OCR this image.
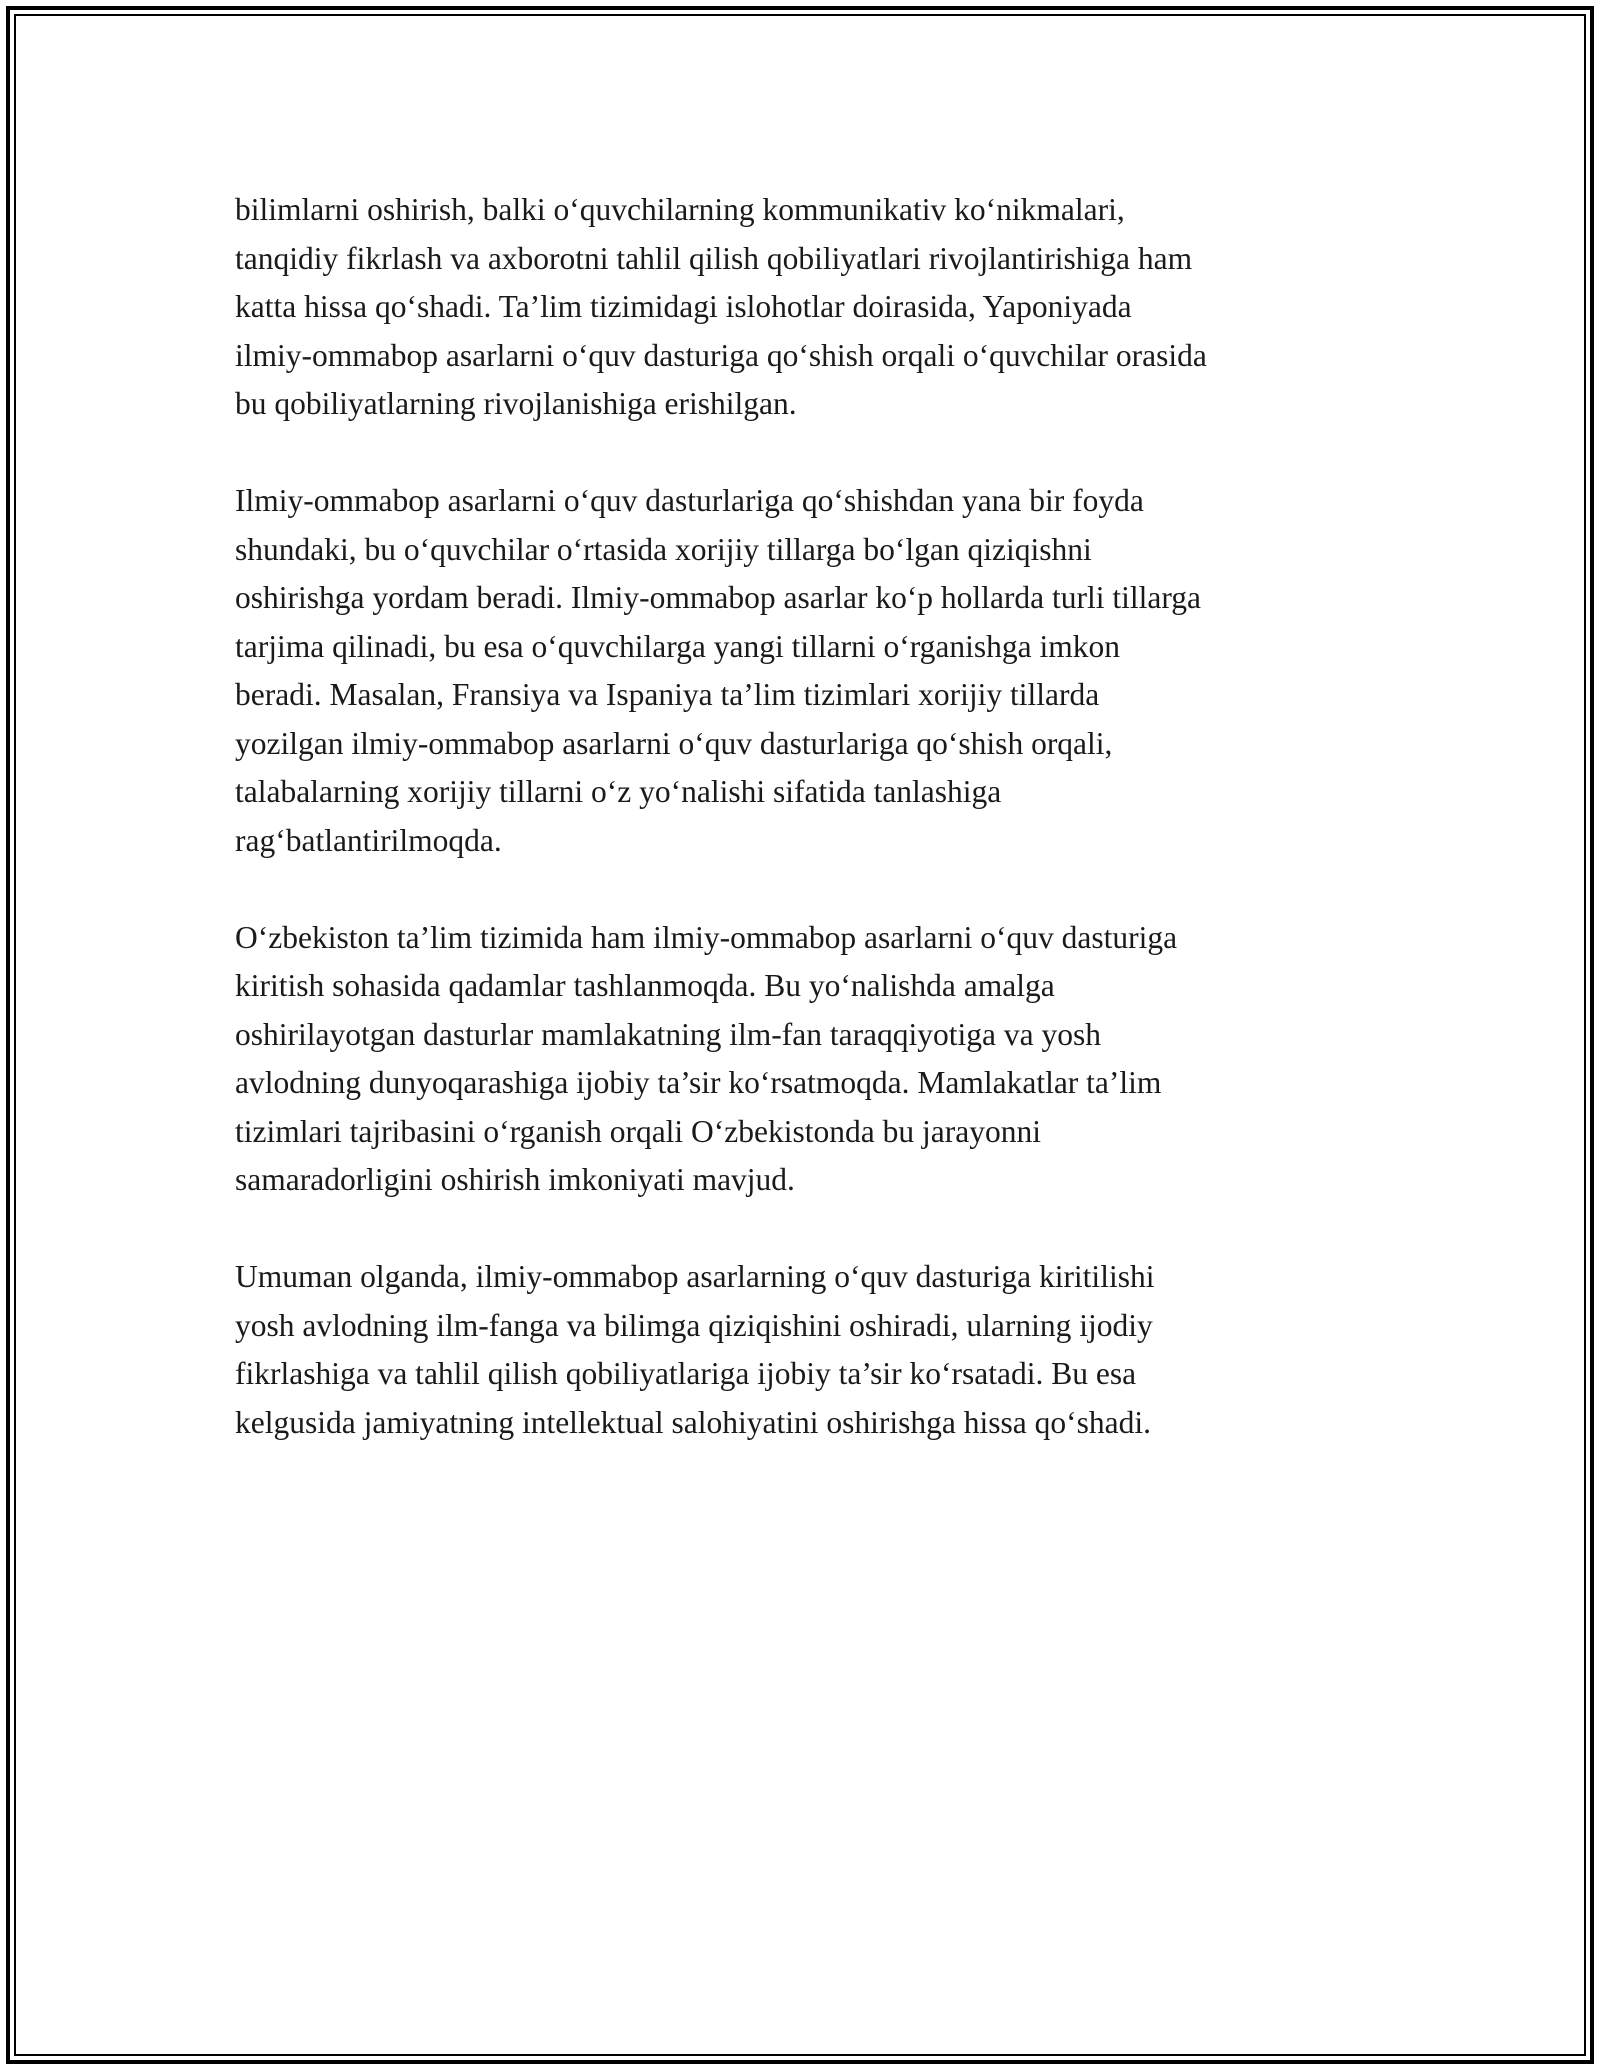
bilimlarni oshirish, balki o‘quvchilarning kommunikativ ko‘nikmalari,
tanqidiy fikrlash va axborotni tahlil qilish qobiliyatlari rivojlantirishiga ham
katta hissa qo‘shadi. Ta’lim tizimidagi islohotlar doirasida, Yaponiyada
ilmiy-ommabop asarlarni o‘quv dasturiga qo‘shish orqali o‘quvchilar orasida
bu qobiliyatlarning rivojlanishiga erishilgan.
Ilmiy-ommabop asarlarni o‘quv dasturlariga qo‘shishdan yana bir foyda
shundaki, bu o‘quvchilar o‘rtasida xorijiy tillarga bo‘lgan qiziqishni
oshirishga yordam beradi. Ilmiy-ommabop asarlar ko‘p hollarda turli tillarga
tarjima qilinadi, bu esa o‘quvchilarga yangi tillarni o‘rganishga imkon
beradi. Masalan, Fransiya va Ispaniya ta’lim tizimlari xorijiy tillarda
yozilgan ilmiy-ommabop asarlarni o‘quv dasturlariga qo‘shish orqali,
talabalarning xorijiy tillarni o‘z yo‘nalishi sifatida tanlashiga
rag‘batlantirilmoqda.
O‘zbekiston ta’lim tizimida ham ilmiy-ommabop asarlarni o‘quv dasturiga
kiritish sohasida qadamlar tashlanmoqda. Bu yo‘nalishda amalga
oshirilayotgan dasturlar mamlakatning ilm-fan taraqqiyotiga va yosh
avlodning dunyoqarashiga ijobiy ta’sir ko‘rsatmoqda. Mamlakatlar ta’lim
tizimlari tajribasini o‘rganish orqali O‘zbekistonda bu jarayonni
samaradorligini oshirish imkoniyati mavjud.
Umuman olganda, ilmiy-ommabop asarlarning o‘quv dasturiga kiritilishi
yosh avlodning ilm-fanga va bilimga qiziqishini oshiradi, ularning ijodiy
fikrlashiga va tahlil qilish qobiliyatlariga ijobiy ta’sir ko‘rsatadi. Bu esa
kelgusida jamiyatning intellektual salohiyatini oshirishga hissa qo‘shadi.
